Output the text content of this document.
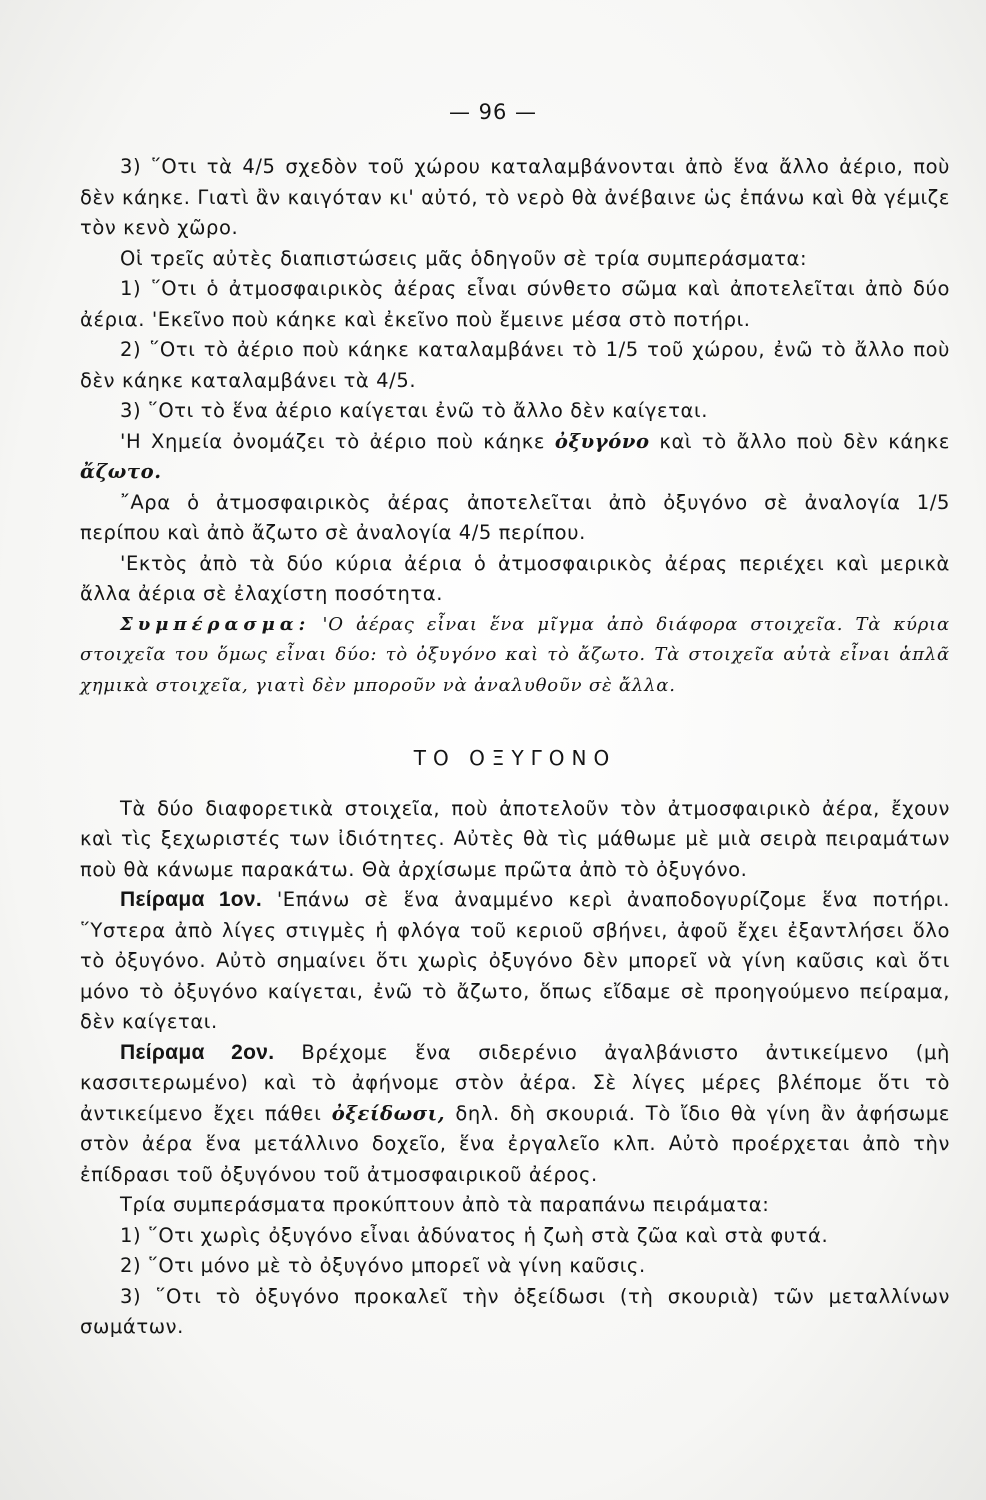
— 96 —

3) ῞Οτι τὰ 4/5 σχεδὸν τοῦ χώρου καταλαμβάνονται ἀπὸ ἕνα ἄλλο ἀέριο, ποὺ δὲν κάηκε. Γιατὶ ἂν καιγόταν κι' αὐτό, τὸ νερὸ θὰ ἀνέβαινε ὡς ἐπάνω καὶ θὰ γέμιζε τὸν κενὸ χῶρο.

Οἱ τρεῖς αὐτὲς διαπιστώσεις μᾶς ὁδηγοῦν σὲ τρία συμπεράσματα:

1) ῞Οτι ὁ ἀτμοσφαιρικὸς ἀέρας εἶναι σύνθετο σῶμα καὶ ἀποτελεῖται ἀπὸ δύο ἀέρια. 'Εκεῖνο ποὺ κάηκε καὶ ἐκεῖνο ποὺ ἔμεινε μέσα στὸ ποτήρι.

2) ῞Οτι τὸ ἀέριο ποὺ κάηκε καταλαμβάνει τὸ 1/5 τοῦ χώρου, ἐνῶ τὸ ἄλλο ποὺ δὲν κάηκε καταλαμβάνει τὰ 4/5.

3) ῞Οτι τὸ ἕνα ἀέριο καίγεται ἐνῶ τὸ ἄλλο δὲν καίγεται.

'Η Χημεία ὀνομάζει τὸ ἀέριο ποὺ κάηκε ὀξυγόνο καὶ τὸ ἄλλο ποὺ δὲν κάηκε ἄζωτο.

῎Αρα ὁ ἀτμοσφαιρικὸς ἀέρας ἀποτελεῖται ἀπὸ ὀξυγόνο σὲ ἀναλογία 1/5 περίπου καὶ ἀπὸ ἄζωτο σὲ ἀναλογία 4/5 περίπου.

'Εκτὸς ἀπὸ τὰ δύο κύρια ἀέρια ὁ ἀτμοσφαιρικὸς ἀέρας περιέχει καὶ μερικὰ ἄλλα ἀέρια σὲ ἐλαχίστη ποσότητα.

Συμπέρασμα: 'Ο ἀέρας εἶναι ἕνα μῖγμα ἀπὸ διάφορα στοιχεῖα. Τὰ κύρια στοιχεῖα του ὅμως εἶναι δύο: τὸ ὀξυγόνο καὶ τὸ ἄζωτο. Τὰ στοιχεῖα αὐτὰ εἶναι ἁπλᾶ χημικὰ στοιχεῖα, γιατὶ δὲν μποροῦν νὰ ἀναλυθοῦν σὲ ἄλλα.

ΤΟ ΟΞΥΓΟΝΟ

Τὰ δύο διαφορετικὰ στοιχεῖα, ποὺ ἀποτελοῦν τὸν ἀτμοσφαιρικὸ ἀέρα, ἔχουν καὶ τὶς ξεχωριστές των ἰδιότητες. Αὐτὲς θὰ τὶς μάθωμε μὲ μιὰ σειρὰ πειραμάτων ποὺ θὰ κάνωμε παρακάτω. Θὰ ἀρχίσωμε πρῶτα ἀπὸ τὸ ὀξυγόνο.

Πείραμα 1ον. 'Επάνω σὲ ἕνα ἀναμμένο κερὶ ἀναποδογυρίζομε ἕνα ποτήρι. ῞Υστερα ἀπὸ λίγες στιγμὲς ἡ φλόγα τοῦ κεριοῦ σβήνει, ἀφοῦ ἔχει ἐξαντλήσει ὅλο τὸ ὀξυγόνο. Αὐτὸ σημαίνει ὅτι χωρὶς ὀξυγόνο δὲν μπορεῖ νὰ γίνη καῦσις καὶ ὅτι μόνο τὸ ὀξυγόνο καίγεται, ἐνῶ τὸ ἄζωτο, ὅπως εἴδαμε σὲ προηγούμενο πείραμα, δὲν καίγεται.

Πείραμα 2ον. Βρέχομε ἕνα σιδερένιο ἀγαλβάνιστο ἀντικείμενο (μὴ κασσιτερωμένο) καὶ τὸ ἀφήνομε στὸν ἀέρα. Σὲ λίγες μέρες βλέπομε ὅτι τὸ ἀντικείμενο ἔχει πάθει ὀξείδωσι, δηλ. δὴ σκουριά. Τὸ ἴδιο θὰ γίνη ἂν ἀφήσωμε στὸν ἀέρα ἕνα μετάλλινο δοχεῖο, ἕνα ἐργαλεῖο κλπ. Αὐτὸ προέρχεται ἀπὸ τὴν ἐπίδρασι τοῦ ὀξυγόνου τοῦ ἀτμοσφαιρικοῦ ἀέρος.

Τρία συμπεράσματα προκύπτουν ἀπὸ τὰ παραπάνω πειράματα:

1) ῞Οτι χωρὶς ὀξυγόνο εἶναι ἀδύνατος ἡ ζωὴ στὰ ζῶα καὶ στὰ φυτά.

2) ῞Οτι μόνο μὲ τὸ ὀξυγόνο μπορεῖ νὰ γίνη καῦσις.

3) ῞Οτι τὸ ὀξυγόνο προκαλεῖ τὴν ὀξείδωσι (τὴ σκουριὰ) τῶν μεταλλίνων σωμάτων.
